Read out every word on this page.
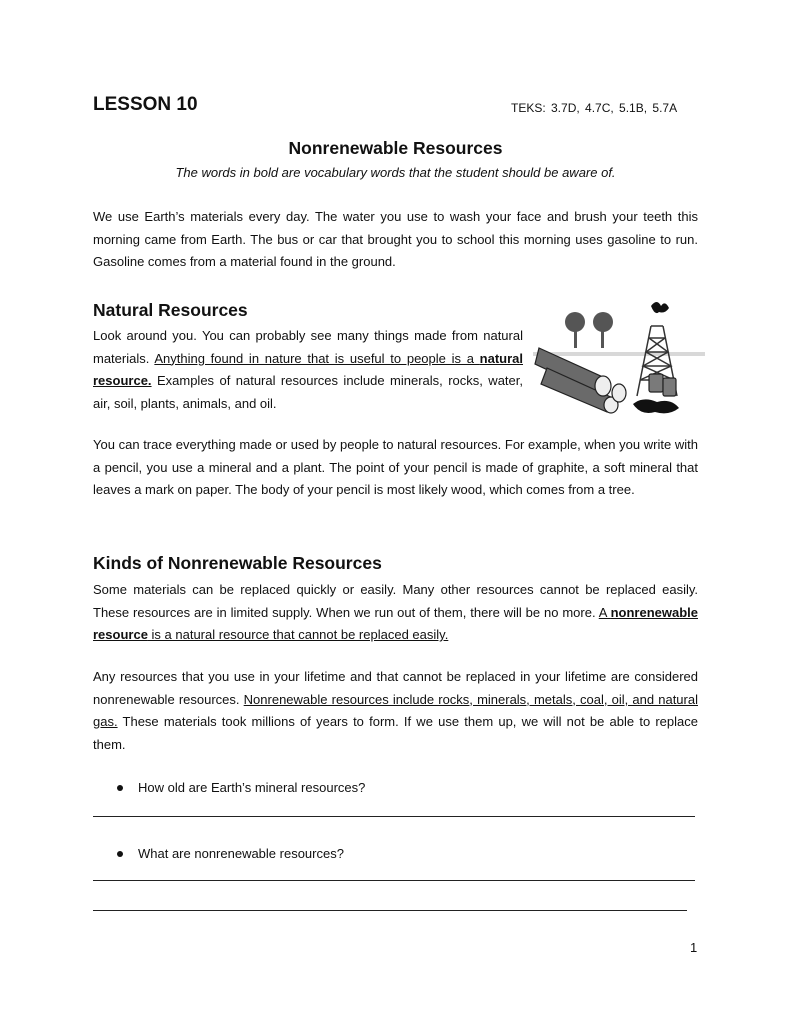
LESSON 10	TEKS: 3.7D, 4.7C, 5.1B, 5.7A
Nonrenewable Resources
The words in bold are vocabulary words that the student should be aware of.

We use Earth’s materials every day. The water you use to wash your face and brush your teeth this morning came from Earth. The bus or car that brought you to school this morning uses gasoline to run. Gasoline comes from a material found in the ground.

Natural Resources

Look around you. You can probably see many things made from natural materials. Anything found in nature that is useful to people is a natural resource. Examples of natural resources include minerals, rocks, water, air, soil, plants, animals, and oil.

You can trace everything made or used by people to natural resources. For example, when you write with a pencil, you use a mineral and a plant. The point of your pencil is made of graphite, a soft mineral that leaves a mark on paper. The body of your pencil is most likely wood, which comes from a tree.

Kinds of Nonrenewable Resources

Some materials can be replaced quickly or easily. Many other resources cannot be replaced easily. These resources are in limited supply. When we run out of them, there will be no more. A nonrenewable resource is a natural resource that cannot be replaced easily.

Any resources that you use in your lifetime and that cannot be replaced in your lifetime are considered nonrenewable resources. Nonrenewable resources include rocks, minerals, metals, coal, oil, and natural gas. These materials took millions of years to form. If we use them up, we will not be able to replace them.

How old are Earth’s mineral resources?
What are nonrenewable resources?
1
